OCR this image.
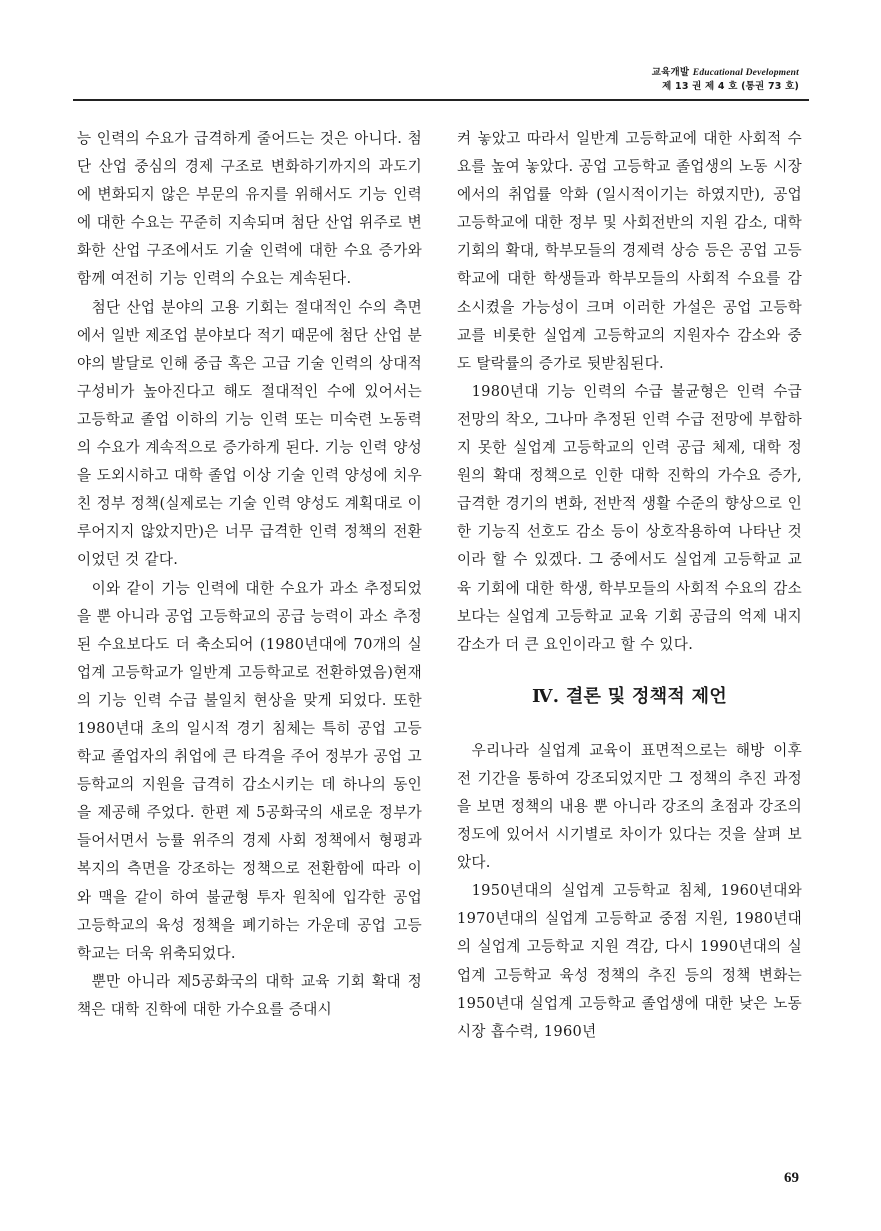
교육개발 Educational Development
제 13 권 제 4 호 (통권 73 호)

능 인력의 수요가 급격하게 줄어드는 것은 아니다. 첨단 산업 중심의 경제 구조로 변화하기까지의 과도기에 변화되지 않은 부문의 유지를 위해서도 기능 인력에 대한 수요는 꾸준히 지속되며 첨단 산업 위주로 변화한 산업 구조에서도 기술 인력에 대한 수요 증가와 함께 여전히 기능 인력의 수요는 계속된다.

첨단 산업 분야의 고용 기회는 절대적인 수의 측면에서 일반 제조업 분야보다 적기 때문에 첨단 산업 분야의 발달로 인해 중급 혹은 고급 기술 인력의 상대적 구성비가 높아진다고 해도 절대적인 수에 있어서는 고등학교 졸업 이하의 기능 인력 또는 미숙련 노동력의 수요가 계속적으로 증가하게 된다. 기능 인력 양성을 도외시하고 대학 졸업 이상 기술 인력 양성에 치우친 정부 정책(실제로는 기술 인력 양성도 계획대로 이루어지지 않았지만)은 너무 급격한 인력 정책의 전환이었던 것 같다.

이와 같이 기능 인력에 대한 수요가 과소 추정되었을 뿐 아니라 공업 고등학교의 공급 능력이 과소 추정된 수요보다도 더 축소되어 (1980년대에 70개의 실업계 고등학교가 일반계 고등학교로 전환하였음)현재의 기능 인력 수급 불일치 현상을 맞게 되었다. 또한 1980년대 초의 일시적 경기 침체는 특히 공업 고등학교 졸업자의 취업에 큰 타격을 주어 정부가 공업 고등학교의 지원을 급격히 감소시키는 데 하나의 동인을 제공해 주었다. 한편 제 5공화국의 새로운 정부가 들어서면서 능률 위주의 경제 사회 정책에서 형평과 복지의 측면을 강조하는 정책으로 전환함에 따라 이와 맥을 같이 하여 불균형 투자 원칙에 입각한 공업 고등학교의 육성 정책을 폐기하는 가운데 공업 고등학교는 더욱 위축되었다.

뿐만 아니라 제5공화국의 대학 교육 기회 확대 정책은 대학 진학에 대한 가수요를 증대시

켜 놓았고 따라서 일반계 고등학교에 대한 사회적 수요를 높여 놓았다. 공업 고등학교 졸업생의 노동 시장에서의 취업률 악화 (일시적이기는 하였지만), 공업 고등학교에 대한 정부 및 사회전반의 지원 감소, 대학 기회의 확대, 학부모들의 경제력 상승 등은 공업 고등학교에 대한 학생들과 학부모들의 사회적 수요를 감소시켰을 가능성이 크며 이러한 가설은 공업 고등학교를 비롯한 실업계 고등학교의 지원자수 감소와 중도 탈락률의 증가로 뒷받침된다.

1980년대 기능 인력의 수급 불균형은 인력 수급 전망의 착오, 그나마 추정된 인력 수급 전망에 부합하지 못한 실업계 고등학교의 인력 공급 체제, 대학 정원의 확대 정책으로 인한 대학 진학의 가수요 증가, 급격한 경기의 변화, 전반적 생활 수준의 향상으로 인한 기능직 선호도 감소 등이 상호작용하여 나타난 것이라 할 수 있겠다. 그 중에서도 실업계 고등학교 교육 기회에 대한 학생, 학부모들의 사회적 수요의 감소보다는 실업계 고등학교 교육 기회 공급의 억제 내지 감소가 더 큰 요인이라고 할 수 있다.

Ⅳ. 결론 및 정책적 제언

우리나라 실업계 교육이 표면적으로는 해방 이후 전 기간을 통하여 강조되었지만 그 정책의 추진 과정을 보면 정책의 내용 뿐 아니라 강조의 초점과 강조의 정도에 있어서 시기별로 차이가 있다는 것을 살펴 보았다.

1950년대의 실업계 고등학교 침체, 1960년대와 1970년대의 실업계 고등학교 중점 지원, 1980년대의 실업계 고등학교 지원 격감, 다시 1990년대의 실업계 고등학교 육성 정책의 추진 등의 정책 변화는 1950년대 실업계 고등학교 졸업생에 대한 낮은 노동 시장 흡수력, 1960년

69
